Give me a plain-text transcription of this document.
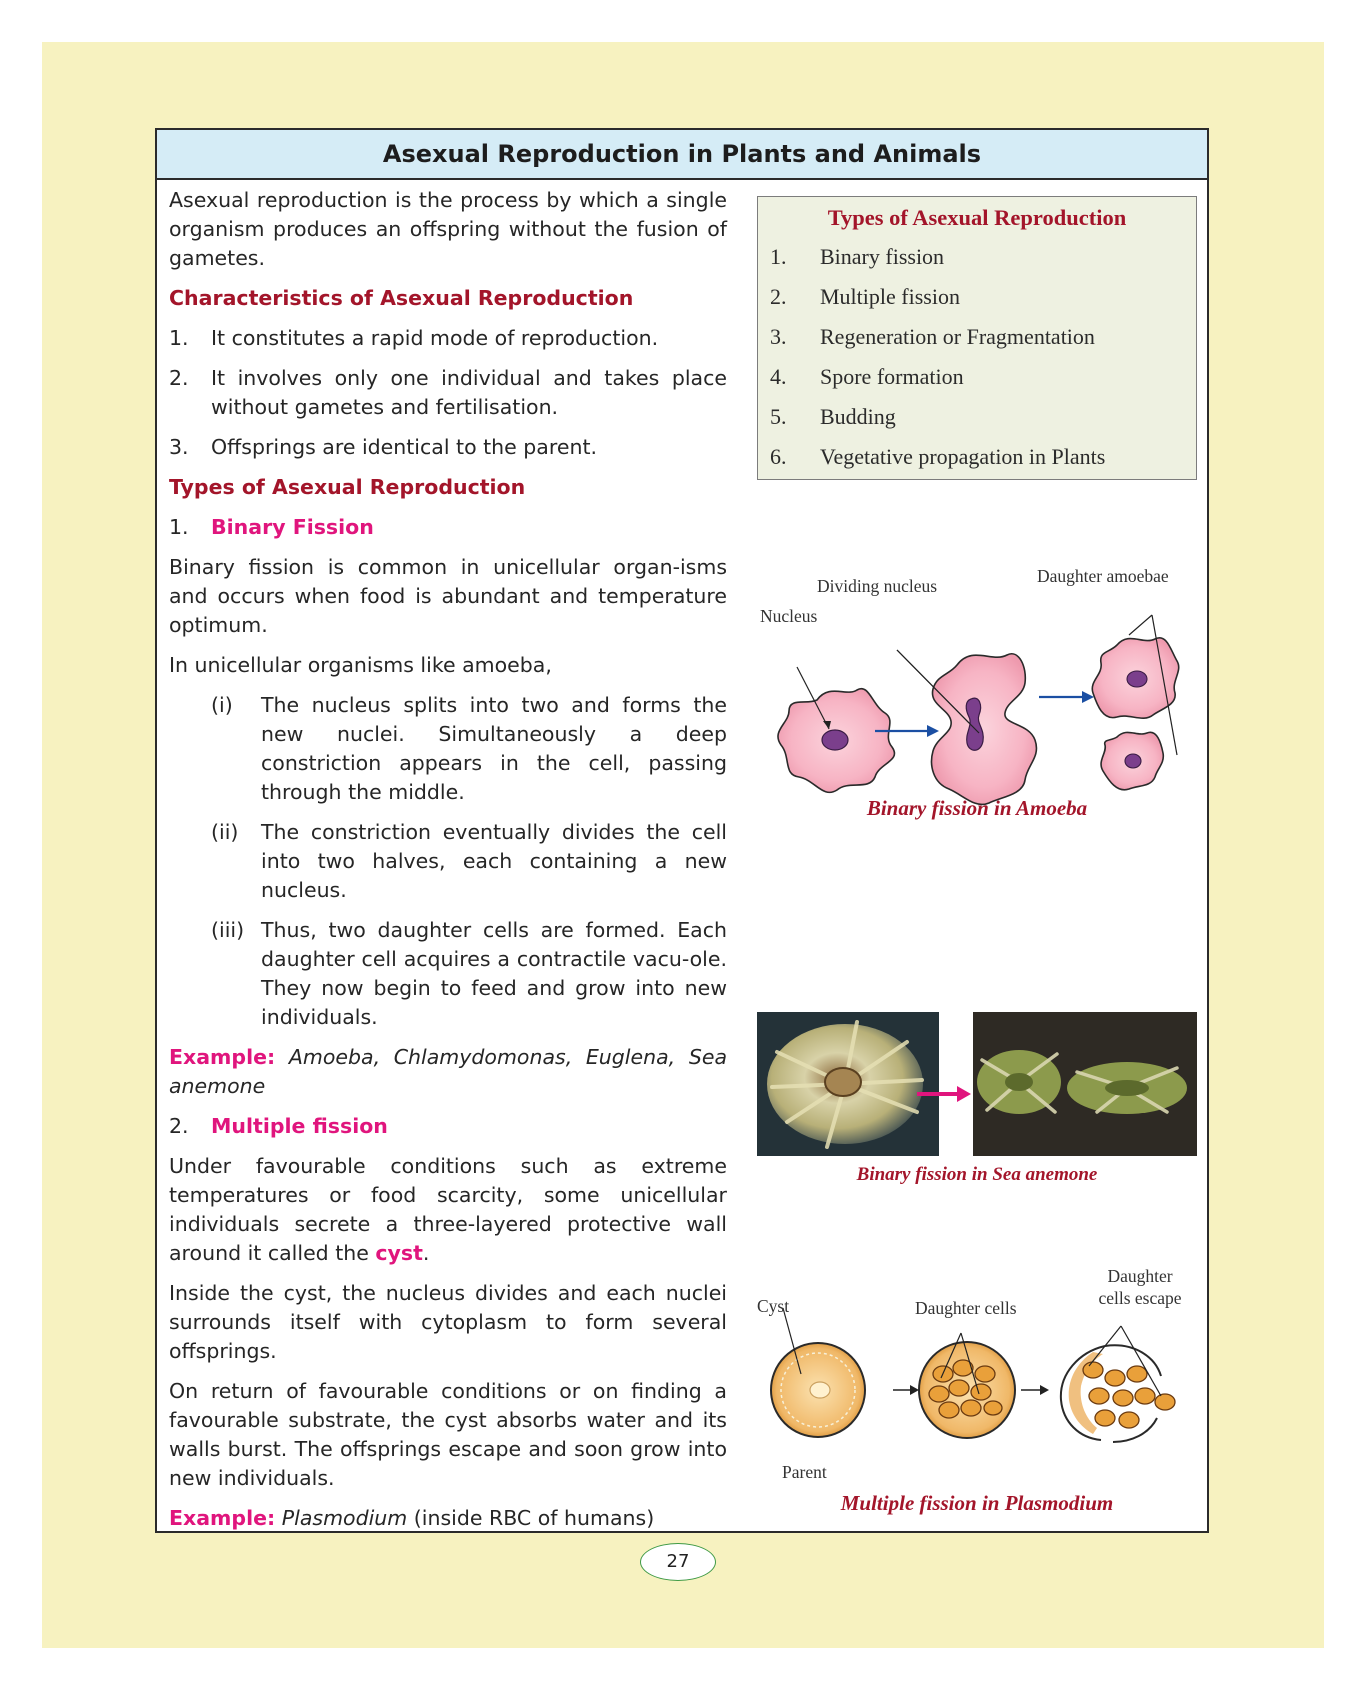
Asexual Reproduction in Plants and Animals

Asexual reproduction is the process by which a single organism produces an offspring without the fusion of gametes.

Characteristics of Asexual Reproduction
1.	It constitutes a rapid mode of reproduction.
2.	It involves only one individual and takes place without gametes and fertilisation.
3.	Offsprings are identical to the parent.
Types of Asexual Reproduction
1.	Binary Fission

Binary fission is common in unicellular organ-isms and occurs when food is abundant and temperature optimum.

In unicellular organisms like amoeba,

(i)	The nucleus splits into two and forms the new nuclei. Simultaneously a deep constriction appears in the cell, passing through the middle.
(ii)	The constriction eventually divides the cell into two halves, each containing a new nucleus.
(iii) Thus, two daughter cells are formed. Each daughter cell acquires a contractile vacu-ole. They now begin to feed and grow into new individuals.

Example: Amoeba, Chlamydomonas, Euglena, Sea anemone

2.	Multiple fission

Under favourable conditions such as extreme temperatures or food scarcity, some unicellular individuals secrete a three-layered protective wall around it called the cyst.

Inside the cyst, the nucleus divides and each nuclei surrounds itself with cytoplasm to form several offsprings.

On return of favourable conditions or on finding a favourable substrate, the cyst absorbs water and its walls burst. The offsprings escape and soon grow into new individuals.

Example: Plasmodium (inside RBC of humans)

Types of Asexual Reproduction
1.	Binary fission
2.	Multiple fission
3.	Regeneration or Fragmentation
4.	Spore formation
5.	Budding
6.	Vegetative propagation in Plants
Nucleus
Dividing nucleus	Daughter amoebae
Binary fission in Amoeba
Binary fission in Sea anemone
Cyst	Daughter cells
Daughter
cells escape
Parent
Multiple fission in Plasmodium
27
